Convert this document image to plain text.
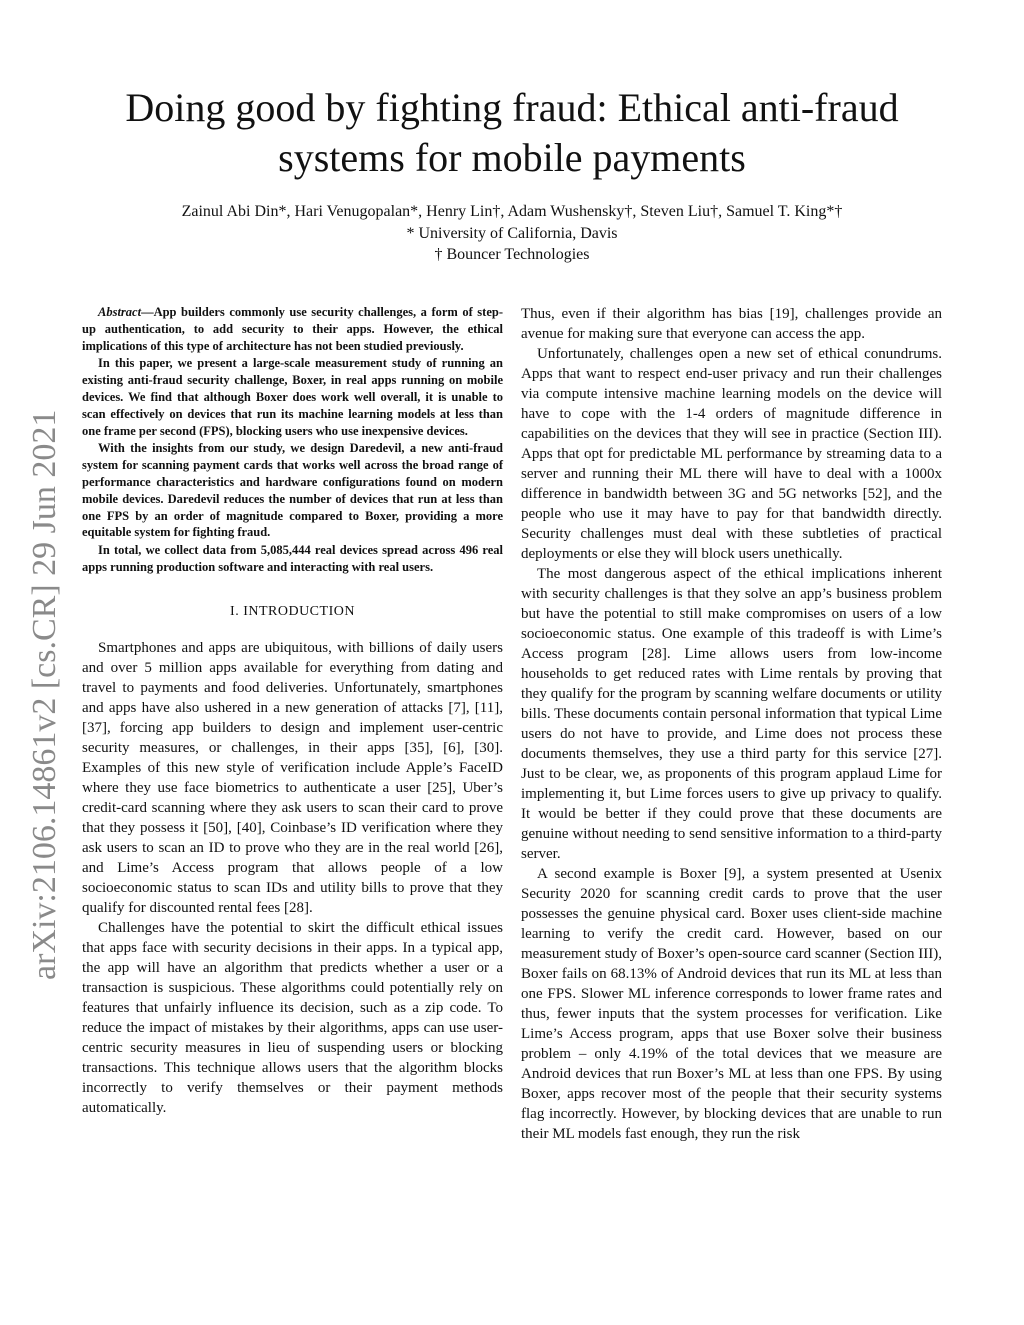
arXiv:2106.14861v2 [cs.CR] 29 Jun 2021
Doing good by fighting fraud: Ethical anti-fraud systems for mobile payments
Zainul Abi Din*, Hari Venugopalan*, Henry Lin†, Adam Wushensky†, Steven Liu†, Samuel T. King*†
* University of California, Davis
† Bouncer Technologies

Abstract—App builders commonly use security challenges, a form of step-up authentication, to add security to their apps. However, the ethical implications of this type of architecture has not been studied previously.

In this paper, we present a large-scale measurement study of running an existing anti-fraud security challenge, Boxer, in real apps running on mobile devices. We find that although Boxer does work well overall, it is unable to scan effectively on devices that run its machine learning models at less than one frame per second (FPS), blocking users who use inexpensive devices.

With the insights from our study, we design Daredevil, a new anti-fraud system for scanning payment cards that works well across the broad range of performance characteristics and hardware configurations found on modern mobile devices. Daredevil reduces the number of devices that run at less than one FPS by an order of magnitude compared to Boxer, providing a more equitable system for fighting fraud.

In total, we collect data from 5,085,444 real devices spread across 496 real apps running production software and interacting with real users.

I. INTRODUCTION

Smartphones and apps are ubiquitous, with billions of daily users and over 5 million apps available for everything from dating and travel to payments and food deliveries. Unfortunately, smartphones and apps have also ushered in a new generation of attacks [7], [11], [37], forcing app builders to design and implement user-centric security measures, or challenges, in their apps [35], [6], [30]. Examples of this new style of verification include Apple’s FaceID where they use face biometrics to authenticate a user [25], Uber’s credit-card scanning where they ask users to scan their card to prove that they possess it [50], [40], Coinbase’s ID verification where they ask users to scan an ID to prove who they are in the real world [26], and Lime’s Access program that allows people of a low socioeconomic status to scan IDs and utility bills to prove that they qualify for discounted rental fees [28].

Challenges have the potential to skirt the difficult ethical issues that apps face with security decisions in their apps. In a typical app, the app will have an algorithm that predicts whether a user or a transaction is suspicious. These algorithms could potentially rely on features that unfairly influence its decision, such as a zip code. To reduce the impact of mistakes by their algorithms, apps can use user-centric security measures in lieu of suspending users or blocking transactions. This technique allows users that the algorithm blocks incorrectly to verify themselves or their payment methods automatically.

Thus, even if their algorithm has bias [19], challenges provide an avenue for making sure that everyone can access the app.

Unfortunately, challenges open a new set of ethical conundrums. Apps that want to respect end-user privacy and run their challenges via compute intensive machine learning models on the device will have to cope with the 1-4 orders of magnitude difference in capabilities on the devices that they will see in practice (Section III). Apps that opt for predictable ML performance by streaming data to a server and running their ML there will have to deal with a 1000x difference in bandwidth between 3G and 5G networks [52], and the people who use it may have to pay for that bandwidth directly. Security challenges must deal with these subtleties of practical deployments or else they will block users unethically.

The most dangerous aspect of the ethical implications inherent with security challenges is that they solve an app’s business problem but have the potential to still make compromises on users of a low socioeconomic status. One example of this tradeoff is with Lime’s Access program [28]. Lime allows users from low-income households to get reduced rates with Lime rentals by proving that they qualify for the program by scanning welfare documents or utility bills. These documents contain personal information that typical Lime users do not have to provide, and Lime does not process these documents themselves, they use a third party for this service [27]. Just to be clear, we, as proponents of this program applaud Lime for implementing it, but Lime forces users to give up privacy to qualify. It would be better if they could prove that these documents are genuine without needing to send sensitive information to a third-party server.

A second example is Boxer [9], a system presented at Usenix Security 2020 for scanning credit cards to prove that the user possesses the genuine physical card. Boxer uses client-side machine learning to verify the credit card. However, based on our measurement study of Boxer’s open-source card scanner (Section III), Boxer fails on 68.13% of Android devices that run its ML at less than one FPS. Slower ML inference corresponds to lower frame rates and thus, fewer inputs that the system processes for verification. Like Lime’s Access program, apps that use Boxer solve their business problem – only 4.19% of the total devices that we measure are Android devices that run Boxer’s ML at less than one FPS. By using Boxer, apps recover most of the people that their security systems flag incorrectly. However, by blocking devices that are unable to run their ML models fast enough, they run the risk
